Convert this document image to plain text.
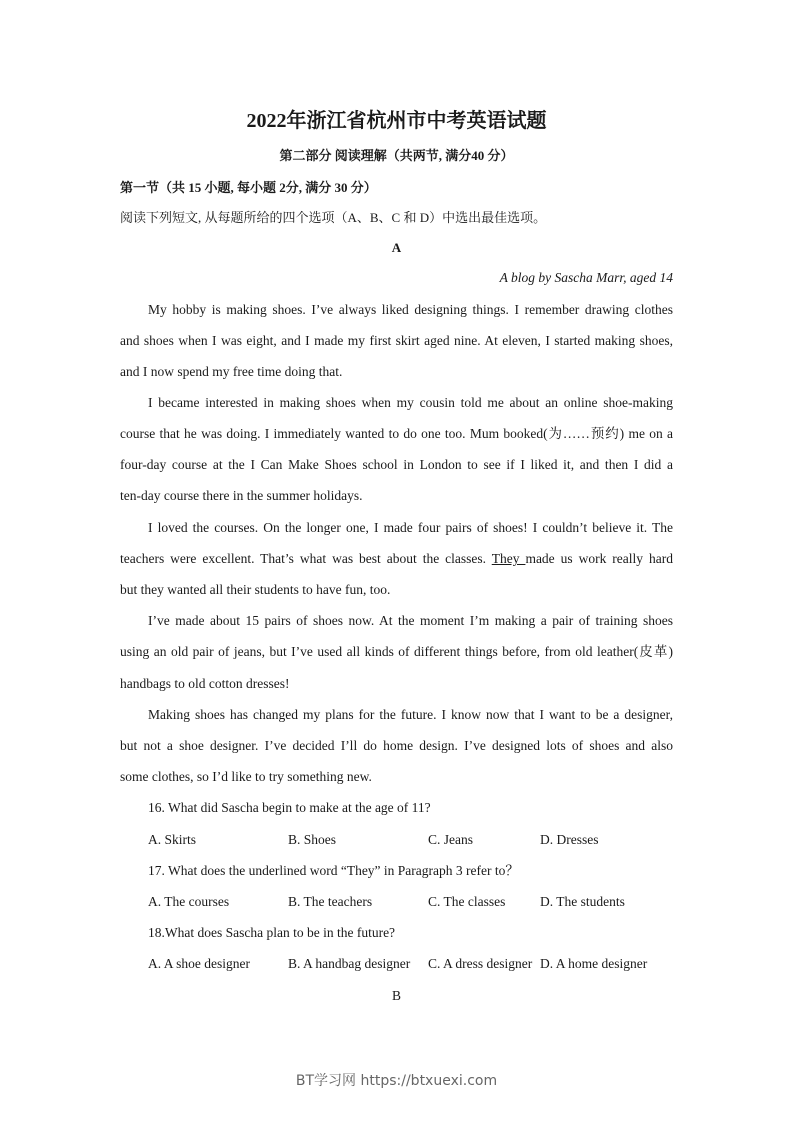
2022年浙江省杭州市中考英语试题
第二部分 阅读理解（共两节, 满分40 分）
第一节（共 15 小题, 每小题 2分, 满分 30 分）
阅读下列短文, 从每题所给的四个选项（A、B、C 和 D）中选出最佳选项。
A
A blog by Sascha Marr, aged 14
My hobby is making shoes. I’ve always liked designing things. I remember drawing clothes
and shoes when I was eight, and I made my first skirt aged nine. At eleven, I started making shoes,
and I now spend my free time doing that.
I became interested in making shoes when my cousin told me about an online shoe-making
course that he was doing. I immediately wanted to do one too. Mum booked(为……预约) me on a
four-day course at the I Can Make Shoes school in London to see if I liked it, and then I did a
ten-day course there in the summer holidays.
I loved the courses. On the longer one, I made four pairs of shoes! I couldn’t believe it. The
teachers were excellent. That’s what was best about the classes. They made us work really hard
but they wanted all their students to have fun, too.
I’ve made about 15 pairs of shoes now. At the moment I’m making a pair of training shoes
using an old pair of jeans, but I’ve used all kinds of different things before, from old leather(皮革)
handbags to old cotton dresses!
Making shoes has changed my plans for the future. I know now that I want to be a designer,
but not a shoe designer. I’ve decided I’ll do home design. I’ve designed lots of shoes and also
some clothes, so I’d like to try something new.
16. What did Sascha begin to make at the age of 11?
A. Skirts	B. Shoes	C. Jeans	D. Dresses
17. What does the underlined word “They” in Paragraph 3 refer to？
A. The courses	B. The teachers	C. The classes	D. The students
18.What does Sascha plan to be in the future?
A. A shoe designer	B. A handbag designer C. A dress designer D. A home designer
B
BT学习网 https://btxuexi.com
